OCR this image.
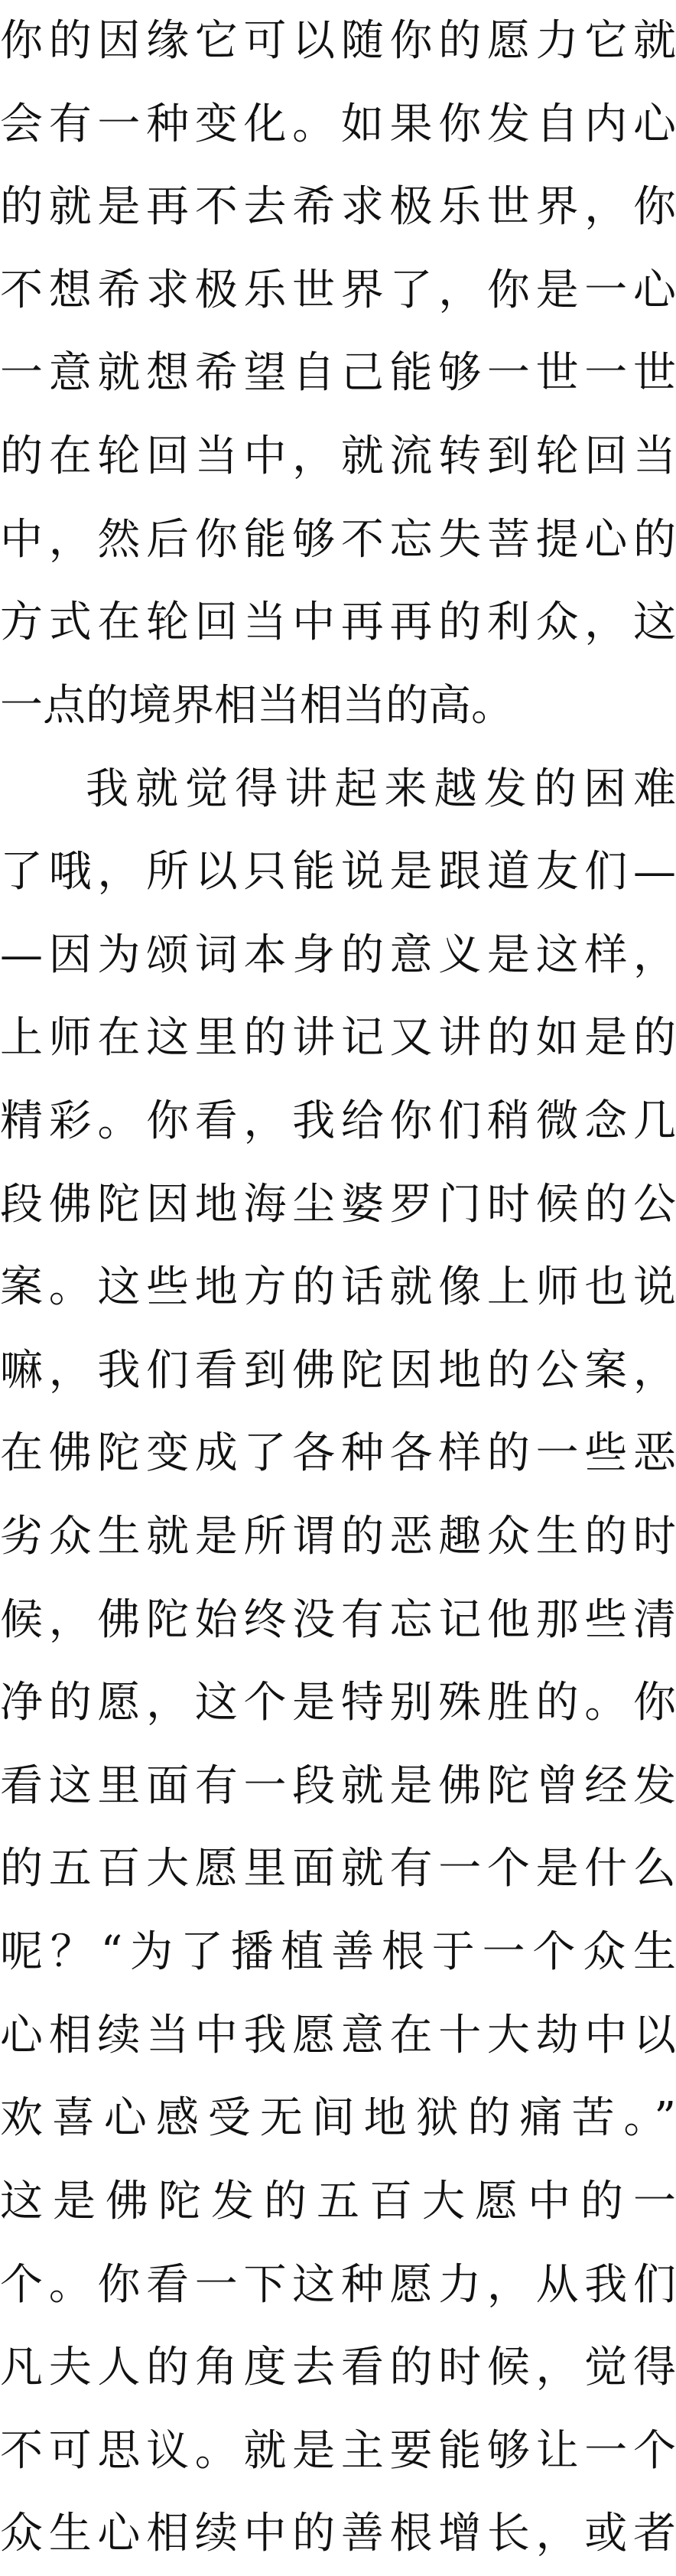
你的因缘它可以随你的愿力它就
会有一种变化。如果你发自内心
的就是再不去希求极乐世界，你
不想希求极乐世界了，你是一心
一意就想希望自己能够一世一世
的在轮回当中，就流转到轮回当
中，然后你能够不忘失菩提心的
方式在轮回当中再再的利众，这
一点的境界相当相当的高。
我就觉得讲起来越发的困难
了哦，所以只能说是跟道友们—
—因为颂词本身的意义是这样，
上师在这里的讲记又讲的如是的
精彩。你看，我给你们稍微念几
段佛陀因地海尘婆罗门时候的公
案。这些地方的话就像上师也说
嘛，我们看到佛陀因地的公案，
在佛陀变成了各种各样的一些恶
劣众生就是所谓的恶趣众生的时
候，佛陀始终没有忘记他那些清
净的愿，这个是特别殊胜的。你
看这里面有一段就是佛陀曾经发
的五百大愿里面就有一个是什么
呢？“为了播植善根于一个众生
心相续当中我愿意在十大劫中以
欢喜心感受无间地狱的痛苦。”
这是佛陀发的五百大愿中的一
个。你看一下这种愿力，从我们
凡夫人的角度去看的时候，觉得
不可思议。就是主要能够让一个
众生心相续中的善根增长，或者
